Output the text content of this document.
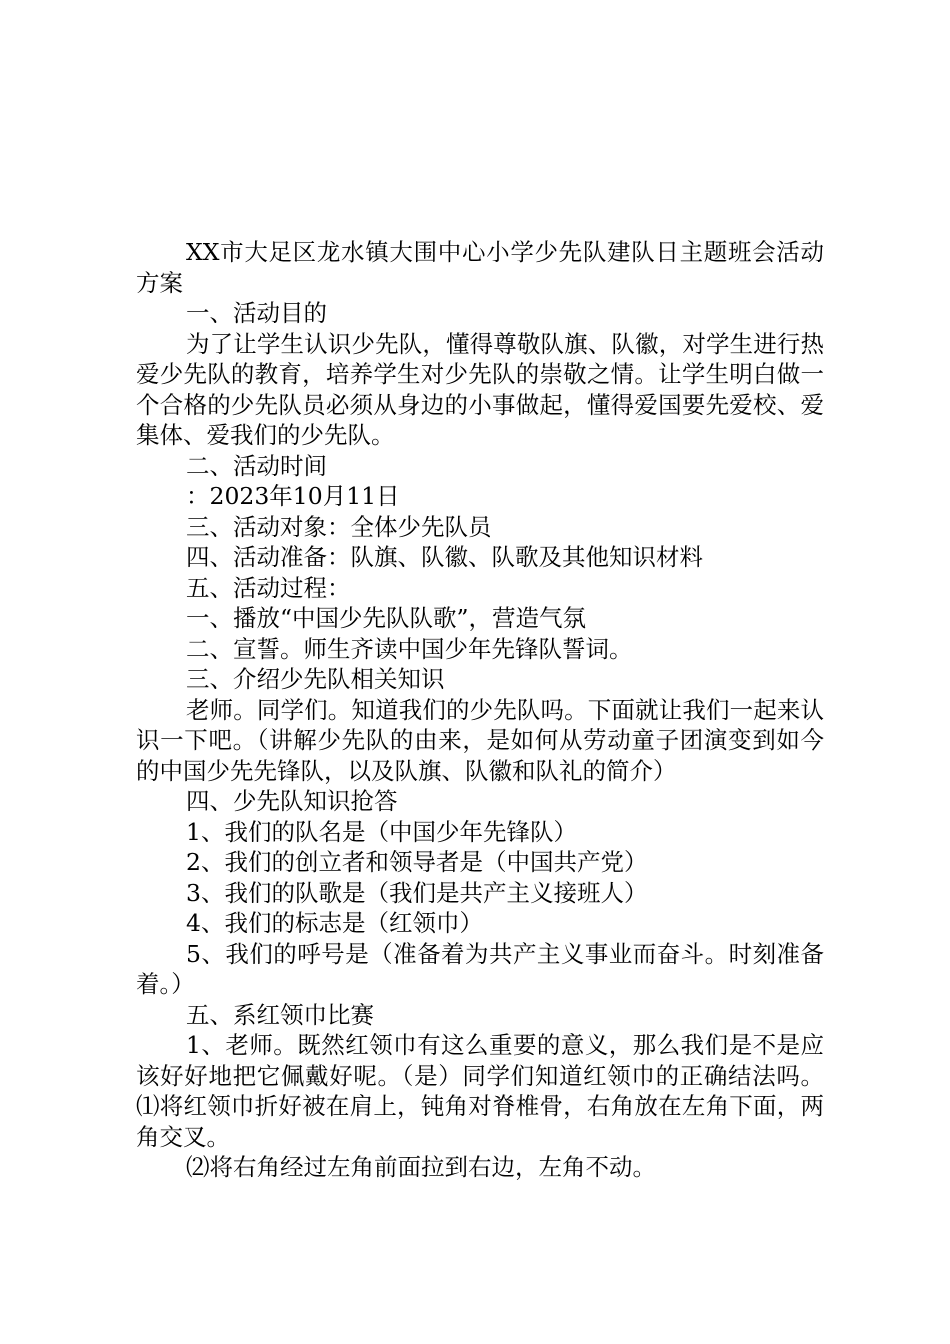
XX市大足区龙水镇大围中心小学少先队建队日主题班会活动方案

一、活动目的

为了让学生认识少先队，懂得尊敬队旗、队徽，对学生进行热爱少先队的教育，培养学生对少先队的崇敬之情。让学生明白做一个合格的少先队员必须从身边的小事做起，懂得爱国要先爱校、爱集体、爱我们的少先队。

二、活动时间

：2023年10月11日

三、活动对象：全体少先队员

四、活动准备：队旗、队徽、队歌及其他知识材料

五、活动过程：

一、播放“中国少先队队歌”，营造气氛

二、宣誓。师生齐读中国少年先锋队誓词。

三、介绍少先队相关知识

老师。同学们。知道我们的少先队吗。下面就让我们一起来认识一下吧。（讲解少先队的由来，是如何从劳动童子团演变到如今的中国少先先锋队，以及队旗、队徽和队礼的简介）

四、少先队知识抢答

1、我们的队名是（中国少年先锋队）

2、我们的创立者和领导者是（中国共产党）

3、我们的队歌是（我们是共产主义接班人）

4、我们的标志是（红领巾）

5、我们的呼号是（准备着为共产主义事业而奋斗。时刻准备着。）

五、系红领巾比赛

1、老师。既然红领巾有这么重要的意义，那么我们是不是应该好好地把它佩戴好呢。（是）同学们知道红领巾的正确结法吗。⑴将红领巾折好被在肩上，钝角对脊椎骨，右角放在左角下面，两角交叉。

⑵将右角经过左角前面拉到右边，左角不动。
